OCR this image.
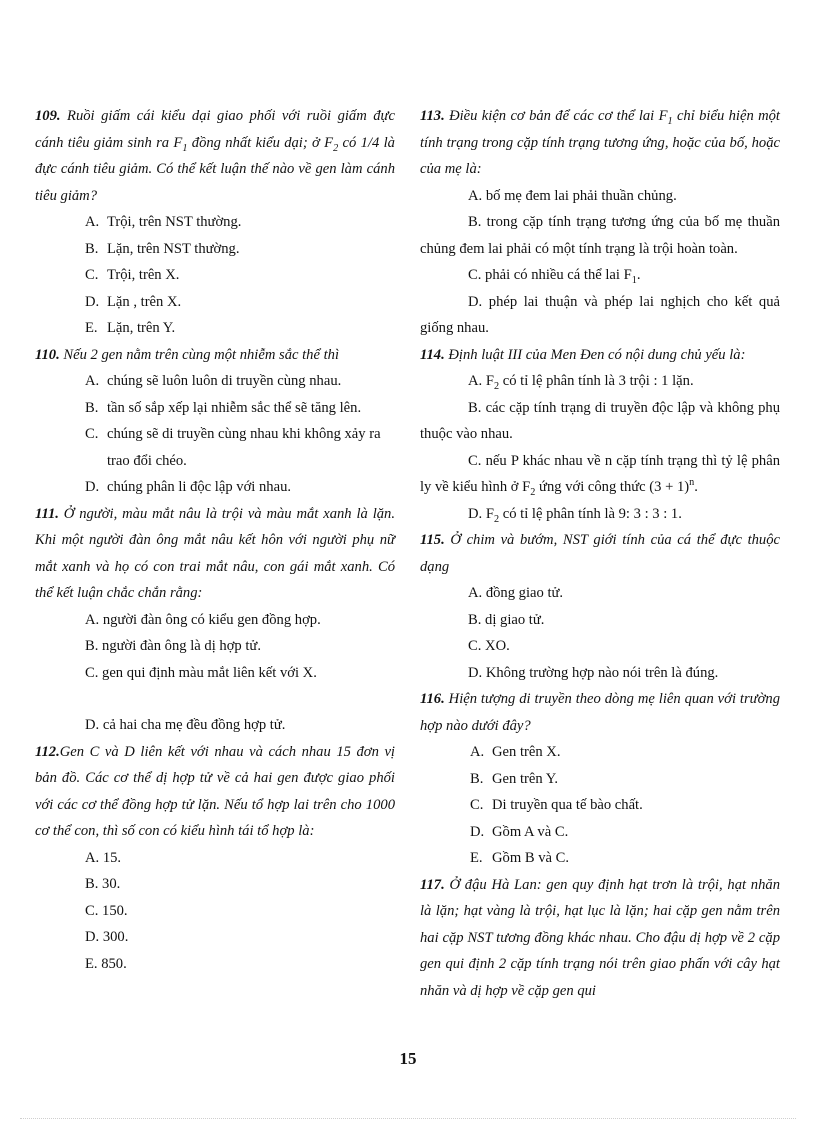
109. Ruồi giấm cái kiểu dại giao phối với ruồi giấm đực cánh tiêu giảm sinh ra $F_1$ đồng nhất kiểu dại; ở $F_2$ có 1/4 là đực cánh tiêu giảm. Có thể kết luận thế nào về gen làm cánh tiêu giảm?
A. Trội, trên NST thường.
B. Lặn, trên NST thường.
C. Trội, trên X.
D. Lặn , trên X.
E. Lặn, trên Y.
110. Nếu 2 gen nằm trên cùng một nhiễm sắc thể thì
A. chúng sẽ luôn luôn di truyền cùng nhau.
B. tần số sắp xếp lại nhiễm sắc thể sẽ tăng lên.
C. chúng sẽ di truyền cùng nhau khi không xảy ra trao đổi chéo.
D. chúng phân li độc lập với nhau.
111. Ở người, màu mắt nâu là trội và màu mắt xanh là lặn. Khi một người đàn ông mắt nâu kết hôn với người phụ nữ mắt xanh và họ có con trai mắt nâu, con gái mắt xanh. Có thể kết luận chắc chắn rằng:
A. người đàn ông có kiểu gen đồng hợp.
B. người đàn ông là dị hợp tử.
C. gen qui định màu mắt liên kết với X.
D. cả hai cha mẹ đều đồng hợp tử.
112.Gen C và D liên kết với nhau và cách nhau 15 đơn vị bản đồ. Các cơ thể dị hợp tử về cả hai gen được giao phối với các cơ thể đồng hợp tử lặn. Nếu tổ hợp lai trên cho 1000 cơ thể con, thì số con có kiểu hình tái tổ hợp là:
A. 15.
B. 30.
C. 150.
D. 300.
E. 850.
113. Điều kiện cơ bản để các cơ thể lai $F_1$ chỉ biểu hiện một tính trạng trong cặp tính trạng tương ứng, hoặc của bố, hoặc của mẹ là:
A. bố mẹ đem lai phải thuần chủng.
B. trong cặp tính trạng tương ứng của bố mẹ thuần chủng đem lai phải có một tính trạng là trội hoàn toàn.
C. phải có nhiều cá thể lai $F_1$.
D. phép lai thuận và phép lai nghịch cho kết quả giống nhau.
114. Định luật III của Men Đen có nội dung chủ yếu là:
A. $F_2$ có tỉ lệ phân tính là 3 trội : 1 lặn.
B. các cặp tính trạng di truyền độc lập và không phụ thuộc vào nhau.
C. nếu P khác nhau về n cặp tính trạng thì tỷ lệ phân ly về kiểu hình ở $F_2$ ứng với công thức $(3 + 1)^n$.
D. $F_2$ có tỉ lệ phân tính là 9: 3 : 3 : 1.
115. Ở chim và bướm, NST giới tính của cá thể đực thuộc dạng
A. đồng giao tử.
B. dị giao tử.
C. XO.
D. Không trường hợp nào nói trên là đúng.
116. Hiện tượng di truyền theo dòng mẹ liên quan với trường hợp nào dưới đây?
A. Gen trên X.
B. Gen trên Y.
C. Di truyền qua tế bào chất.
D. Gồm A và C.
E. Gồm B và C.
117. Ở đậu Hà Lan: gen quy định hạt trơn là trội, hạt nhăn là lặn; hạt vàng là trội, hạt lục là lặn; hai cặp gen nằm trên hai cặp NST tương đồng khác nhau. Cho đậu dị hợp về 2 cặp gen qui định 2 cặp tính trạng nói trên giao phấn với cây hạt nhăn và dị hợp về cặp gen qui
15
